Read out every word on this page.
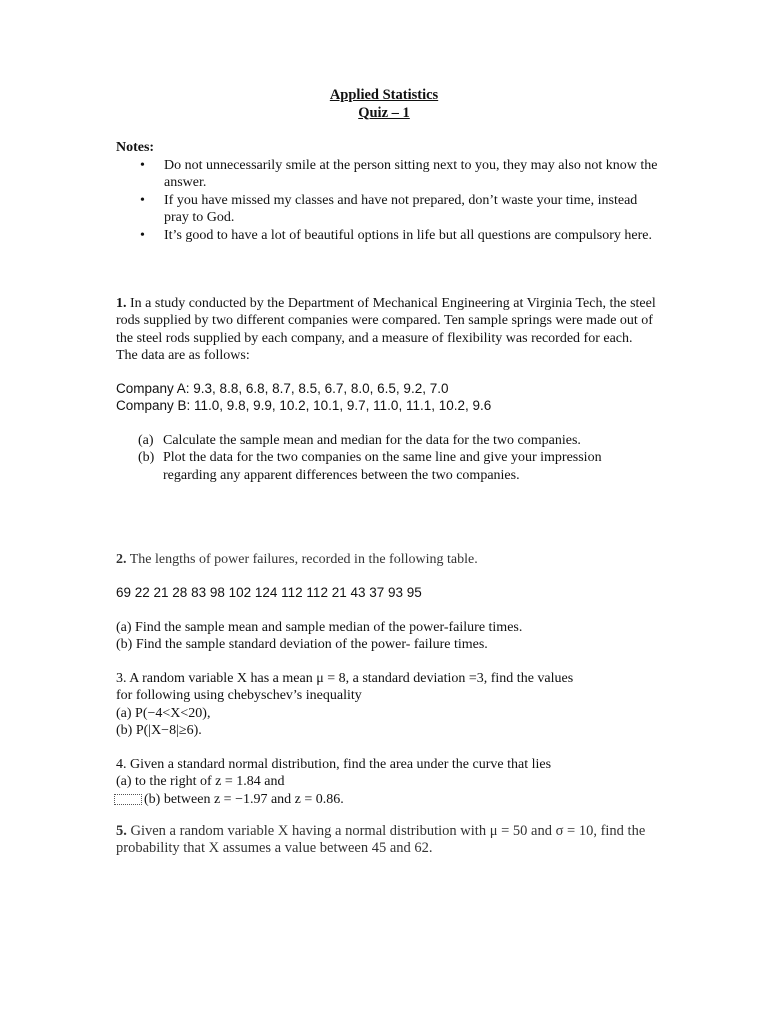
Applied Statistics
Quiz – 1
Notes:
• Do not unnecessarily smile at the person sitting next to you, they may also not know the answer.
• If you have missed my classes and have not prepared, don’t waste your time, instead pray to God.
• It’s good to have a lot of beautiful options in life but all questions are compulsory here.
1. In a study conducted by the Department of Mechanical Engineering at Virginia Tech, the steel rods supplied by two different companies were compared. Ten sample springs were made out of the steel rods supplied by each company, and a measure of flexibility was recorded for each. The data are as follows:
Company A: 9.3, 8.8, 6.8, 8.7, 8.5, 6.7, 8.0, 6.5, 9.2, 7.0
Company B: 11.0, 9.8, 9.9, 10.2, 10.1, 9.7, 11.0, 11.1, 10.2, 9.6
(a) Calculate the sample mean and median for the data for the two companies.
(b) Plot the data for the two companies on the same line and give your impression regarding any apparent differences between the two companies.
2. The lengths of power failures, recorded in the following table.
69 22 21 28 83 98 102 124 112 112 21 43 37 93 95
(a) Find the sample mean and sample median of the power-failure times.
(b) Find the sample standard deviation of the power- failure times.
3. A random variable X has a mean μ = 8, a standard deviation =3, find the values
for following using chebyschev’s inequality
(a) P(−4<X<20),
(b) P(|X−8|≥6).
4. Given a standard normal distribution, find the area under the curve that lies
(a) to the right of z = 1.84 and
(b) between z = −1.97 and z = 0.86.
5. Given a random variable X having a normal distribution with μ = 50 and σ = 10, find the probability that X assumes a value between 45 and 62.
